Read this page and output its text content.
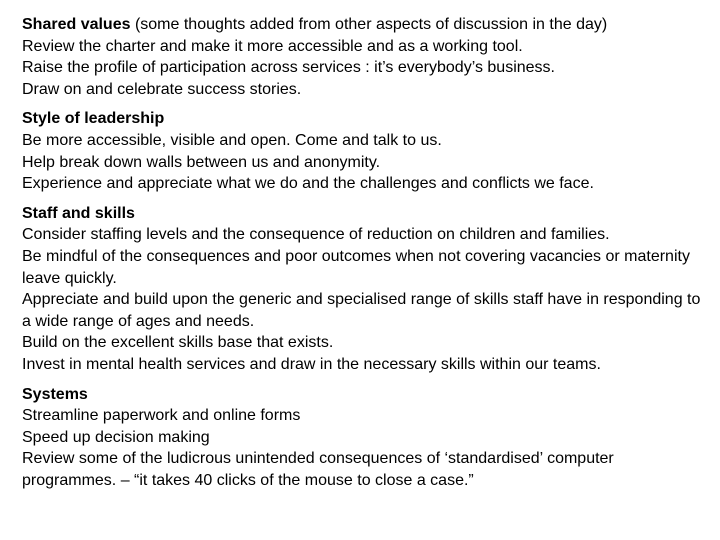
Shared values (some thoughts added from other aspects of discussion in the day)
Review the charter and make it more accessible and as a working tool.
Raise the profile of participation across services : it’s everybody’s business.
Draw on and celebrate success stories.
Style of leadership
Be more accessible, visible and open. Come and talk to us.
Help break down walls between us and anonymity.
Experience and appreciate what we do and the challenges and conflicts we face.
Staff and skills
Consider staffing levels and the consequence of reduction on children and families.
Be mindful of the consequences and poor outcomes when not covering vacancies or maternity leave quickly.
Appreciate and build upon the generic and specialised range of skills staff have in responding to a wide range of ages and needs.
Build on the excellent skills base that exists.
Invest in mental health services and draw in the necessary skills within our teams.
Systems
Streamline paperwork and online forms
Speed up decision making
Review some of the ludicrous unintended consequences of ‘standardised’ computer programmes. – “it takes 40 clicks of the mouse to close a case.”
